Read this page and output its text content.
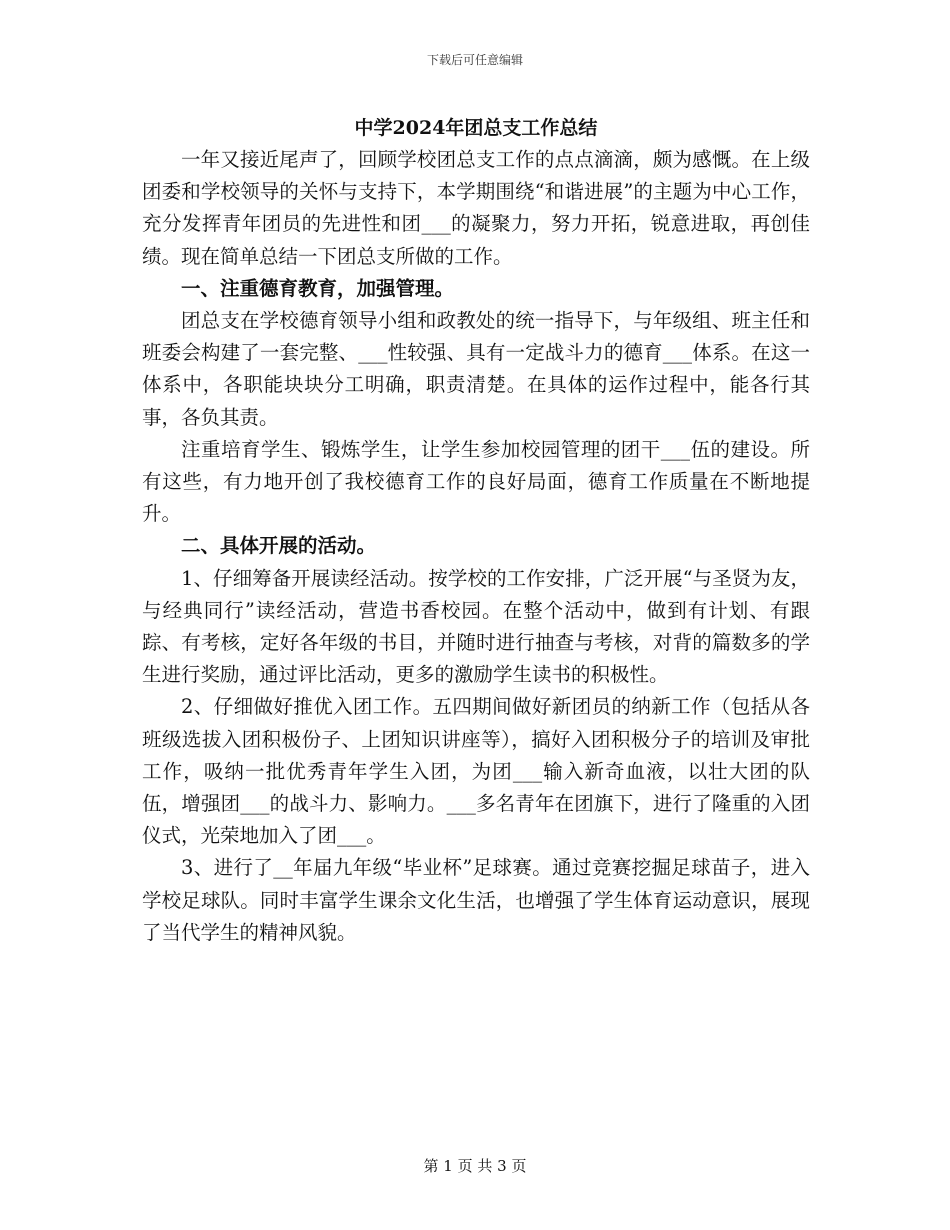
下载后可任意编辑
中学2024年团总支工作总结

一年又接近尾声了，回顾学校团总支工作的点点滴滴，颇为感慨。在上级团委和学校领导的关怀与支持下，本学期围绕“和谐进展”的主题为中心工作，充分发挥青年团员的先进性和团___的凝聚力，努力开拓，锐意进取，再创佳绩。现在简单总结一下团总支所做的工作。

一、注重德育教育，加强管理。

团总支在学校德育领导小组和政教处的统一指导下，与年级组、班主任和班委会构建了一套完整、___性较强、具有一定战斗力的德育___体系。在这一体系中，各职能块块分工明确，职责清楚。在具体的运作过程中，能各行其事，各负其责。

注重培育学生、锻炼学生，让学生参加校园管理的团干___伍的建设。所有这些，有力地开创了我校德育工作的良好局面，德育工作质量在不断地提升。

二、具体开展的活动。

1、仔细筹备开展读经活动。按学校的工作安排，广泛开展“与圣贤为友，与经典同行”读经活动，营造书香校园。在整个活动中，做到有计划、有跟踪、有考核，定好各年级的书目，并随时进行抽查与考核，对背的篇数多的学生进行奖励，通过评比活动，更多的激励学生读书的积极性。

2、仔细做好推优入团工作。五四期间做好新团员的纳新工作（包括从各班级选拔入团积极份子、上团知识讲座等），搞好入团积极分子的培训及审批工作，吸纳一批优秀青年学生入团，为团___输入新奇血液，以壮大团的队伍，增强团___的战斗力、影响力。___多名青年在团旗下，进行了隆重的入团仪式，光荣地加入了团___。

3、进行了__年届九年级“毕业杯”足球赛。通过竞赛挖掘足球苗子，进入学校足球队。同时丰富学生课余文化生活，也增强了学生体育运动意识，展现了当代学生的精神风貌。

第 1 页 共 3 页
